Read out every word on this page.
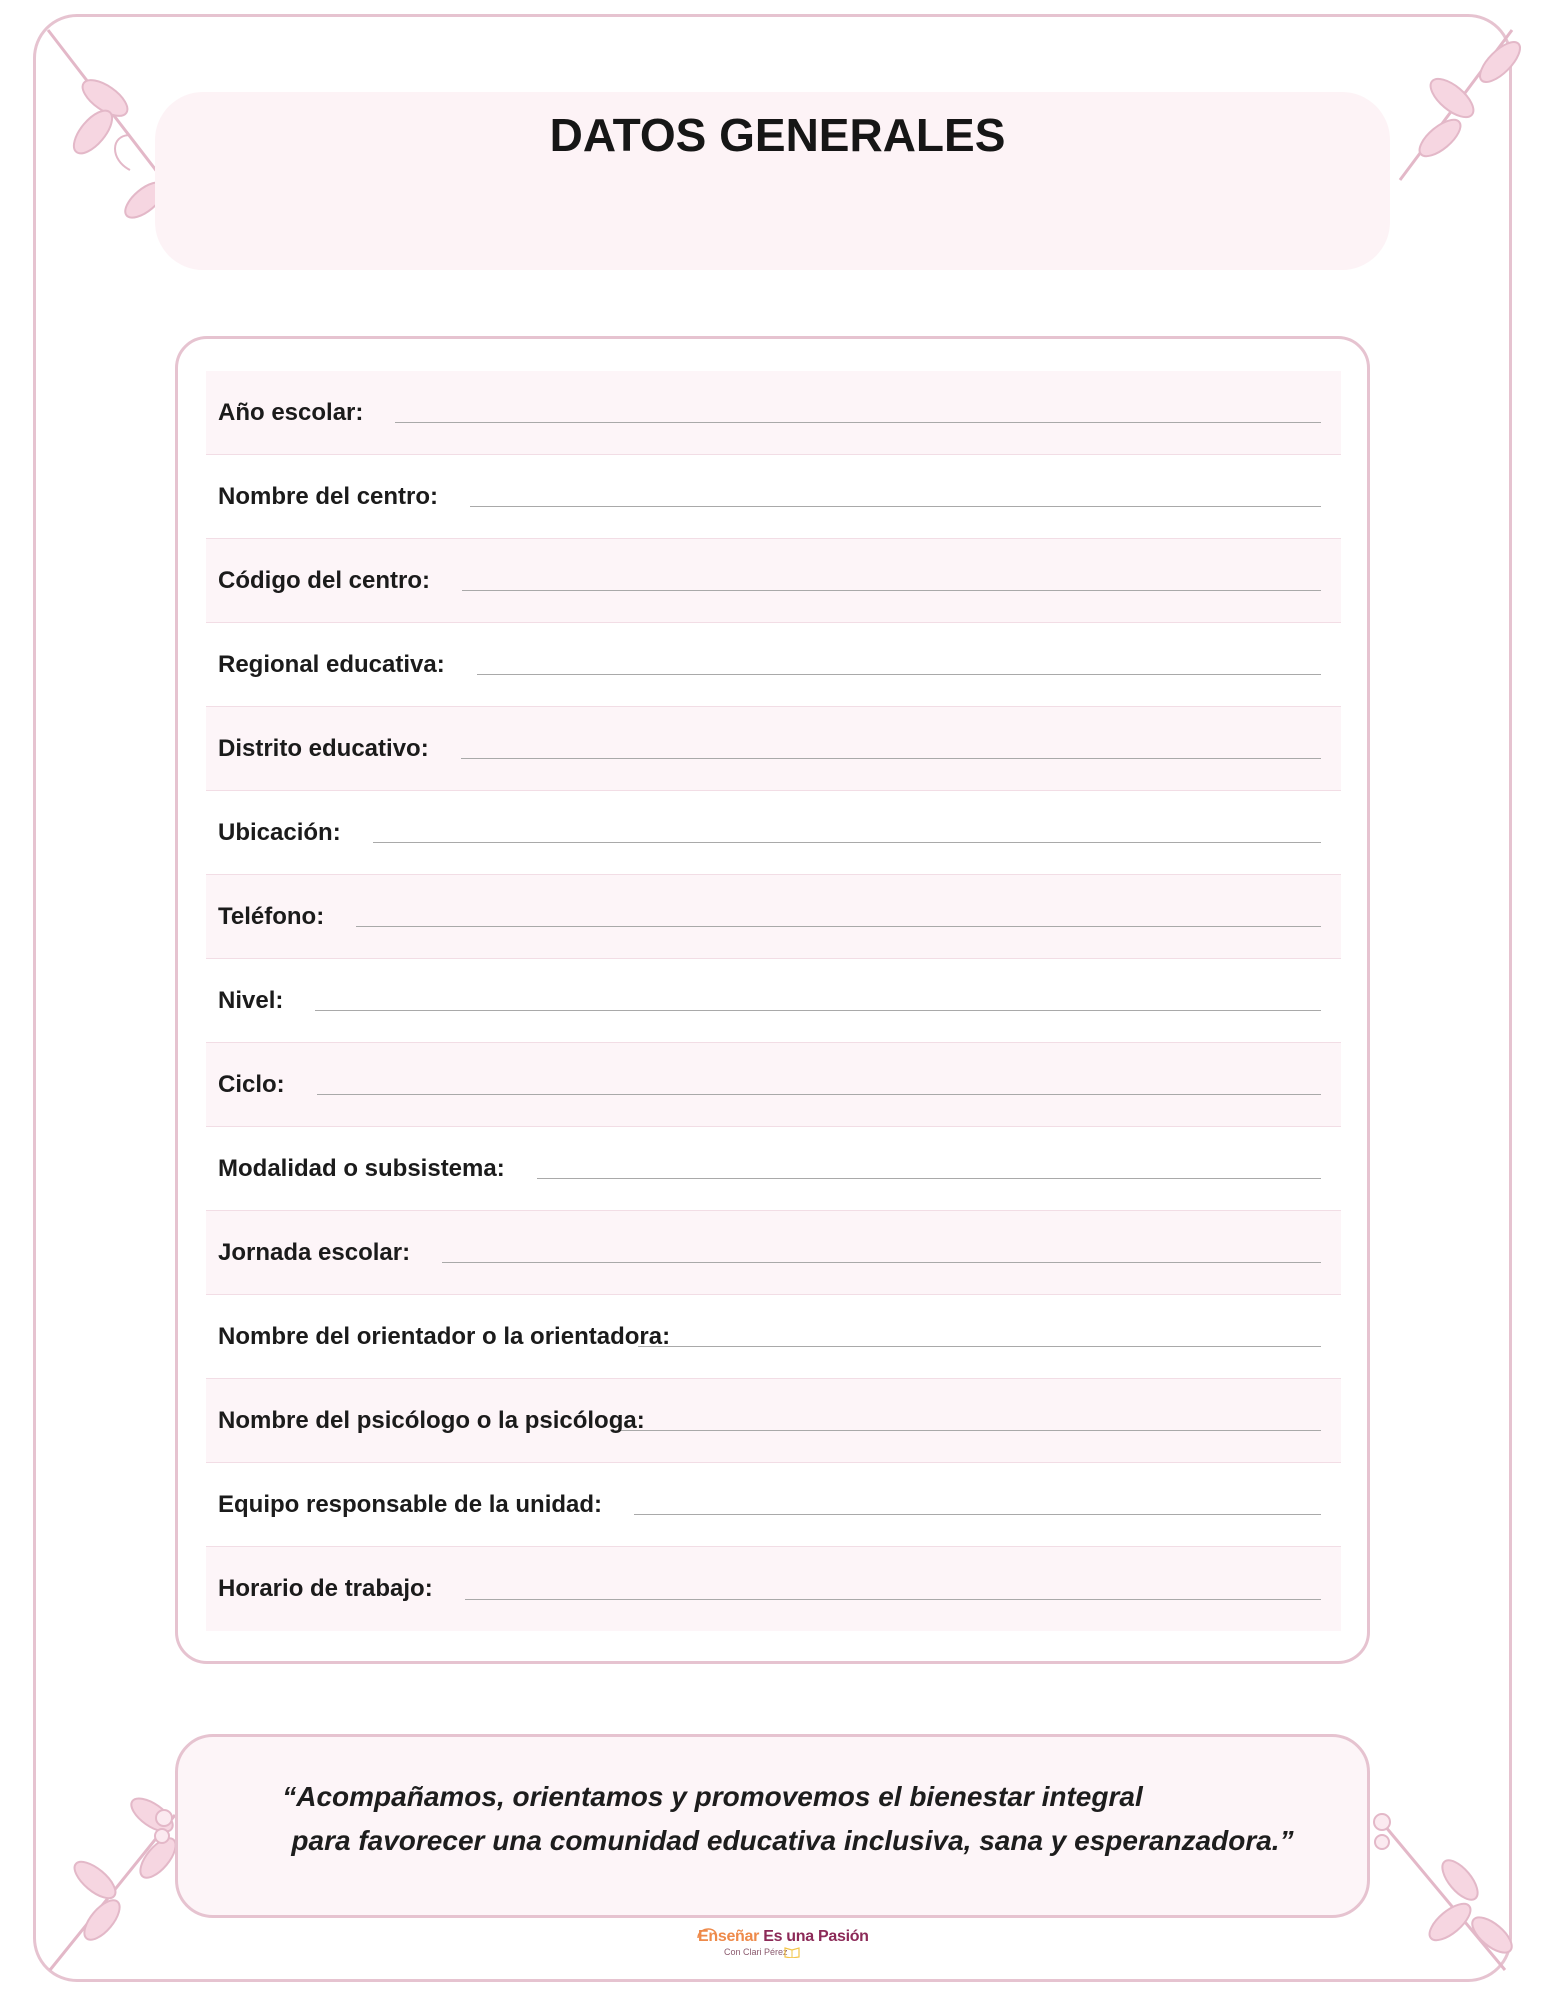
DATOS GENERALES
Año escolar:
Nombre del centro:
Código del centro:
Regional educativa:
Distrito educativo:
Ubicación:
Teléfono:
Nivel:
Ciclo:
Modalidad o subsistema:
Jornada escolar:
Nombre del orientador o la orientadora:
Nombre del psicólogo o la psicóloga:
Equipo responsable de la unidad:
Horario de trabajo:

“Acompañamos, orientamos y promovemos el bienestar integral

para favorecer una comunidad educativa inclusiva, sana y esperanzadora.”

Enseñar Es una Pasión
Con Clari Pérez
